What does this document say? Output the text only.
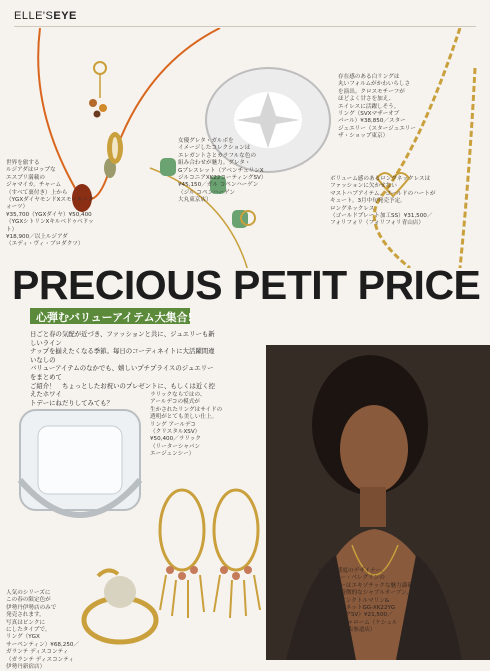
ELLE'SEYE
世界を旅する
ルジアダはロップな
エスプリ満載の
ジャマイカ。チャーム
（すべて裏付き）上から
（YGXダイヤモンドXスモーキークォーツ）
¥35,700（YGXダイヤ）¥50,400
（YGXシトリンXキルベドゥベドット）
¥18,900／以上ルジアダ
（エディ・ヴィ・ブロダクツ）
女優グレタ・ガルボを
イメージしたコレクションは
エレガントさとカラフルな色の
組み合わせが魅力。グレタ・
Gブレスレット（アベンチュリンX
ジルコニアXK22コーティングSV）
¥45,150／ガル コペンハーゲン
（ジル コペンハーゲン
大丸東京店）
存在感のある白リングは
丸いフォルムがかわいらしさ
を演出。クロスモチーフが
ほどよく甘さを加え、
エイレスに活躍しそう。
リング（SVXマザーオブ
パール）¥38,850／スター
ジュエリー（スタージュエリー
ザ・ショップ東京）
ボリューム感のあるロングネックレスは
ファッションに欠かせない
マストハブアイテム。ゴールドのハートが
キュート。3月中旬発売予定。
ロングネックレス
（ゴールドプレート加工SS）¥31,500／
フォリフォリ（フォリフォリ青山店）
PRECIOUS PETIT PRICE
心弾むバリューアイテム大集合!
日ごと春の気配が近づき、ファッションと共に、ジュエリーも新しいライン
ナップを揃えたくなる季節。毎日のコーディネイトに大活躍間違いなしの
バリューアイテムのなかでも、嬉しいプチプライスのジュエリーをまとめて
ご紹介！　ちょっとしたお祝いのプレゼントに、もしくは近く控えたホワイ
トデーにねだりしてみても？
ラリックならではの、
アールデコの模式が
生かされたリングはサイドの
透明がとても美しい仕上。
リング アールデコ
（クリスタルXSV）
¥50,400／ラリック
（リーターシャパン
エージェンシー）
人気のシリーズに
この春の限定色が
伊勢丹伊勢店のみで
発売されます。
写真はピンクに
にしたタイプで。
リング（YGX
サーペンティン）¥68,250／
ガランテ ディスコンティ
（ガランテ ディスコンティ
伊勢丹新宿店）
NYで高感度のデザイナー、
ステラニー・ペレグリンの
ジュエリーはエキゾチックな魅力満載。
左手には特徴的なシャブルオーブン。
ピアス（ピンクトルマリン&
ピンクガルネットGG-XK22YG
コーティングSV）¥21,500／
ケシェル シャローム（ケシェル
シャローム 表参道店）
